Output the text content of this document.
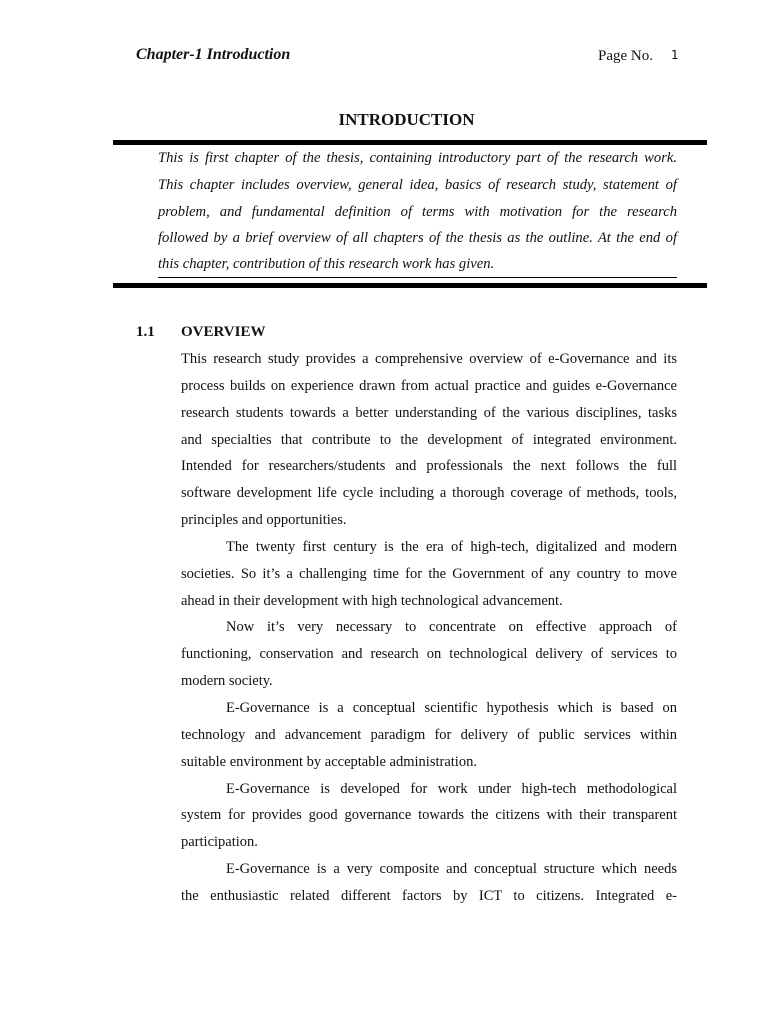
Chapter-1 Introduction	Page No. 1
INTRODUCTION
This is first chapter of the thesis, containing introductory part of the research work.
This chapter includes overview, general idea, basics of research study, statement of
problem, and fundamental definition of terms with motivation for the research
followed by a brief overview of all chapters of the thesis as the outline. At the end of
this chapter, contribution of this research work has given.
1.1 OVERVIEW
This research study provides a comprehensive overview of e-Governance and its
process builds on experience drawn from actual practice and guides e-Governance
research students towards a better understanding of the various disciplines, tasks
and specialties that contribute to the development of integrated environment.
Intended for researchers/students and professionals the next follows the full
software development life cycle including a thorough coverage of methods, tools,
principles and opportunities.
The twenty first century is the era of high-tech, digitalized and modern
societies. So it’s a challenging time for the Government of any country to move
ahead in their development with high technological advancement.
Now it’s very necessary to concentrate on effective approach of
functioning, conservation and research on technological delivery of services to
modern society.
E-Governance is a conceptual scientific hypothesis which is based on
technology and advancement paradigm for delivery of public services within
suitable environment by acceptable administration.
E-Governance is developed for work under high-tech methodological
system for provides good governance towards the citizens with their transparent
participation.
E-Governance is a very composite and conceptual structure which needs
the enthusiastic related different factors by ICT to citizens. Integrated e-
